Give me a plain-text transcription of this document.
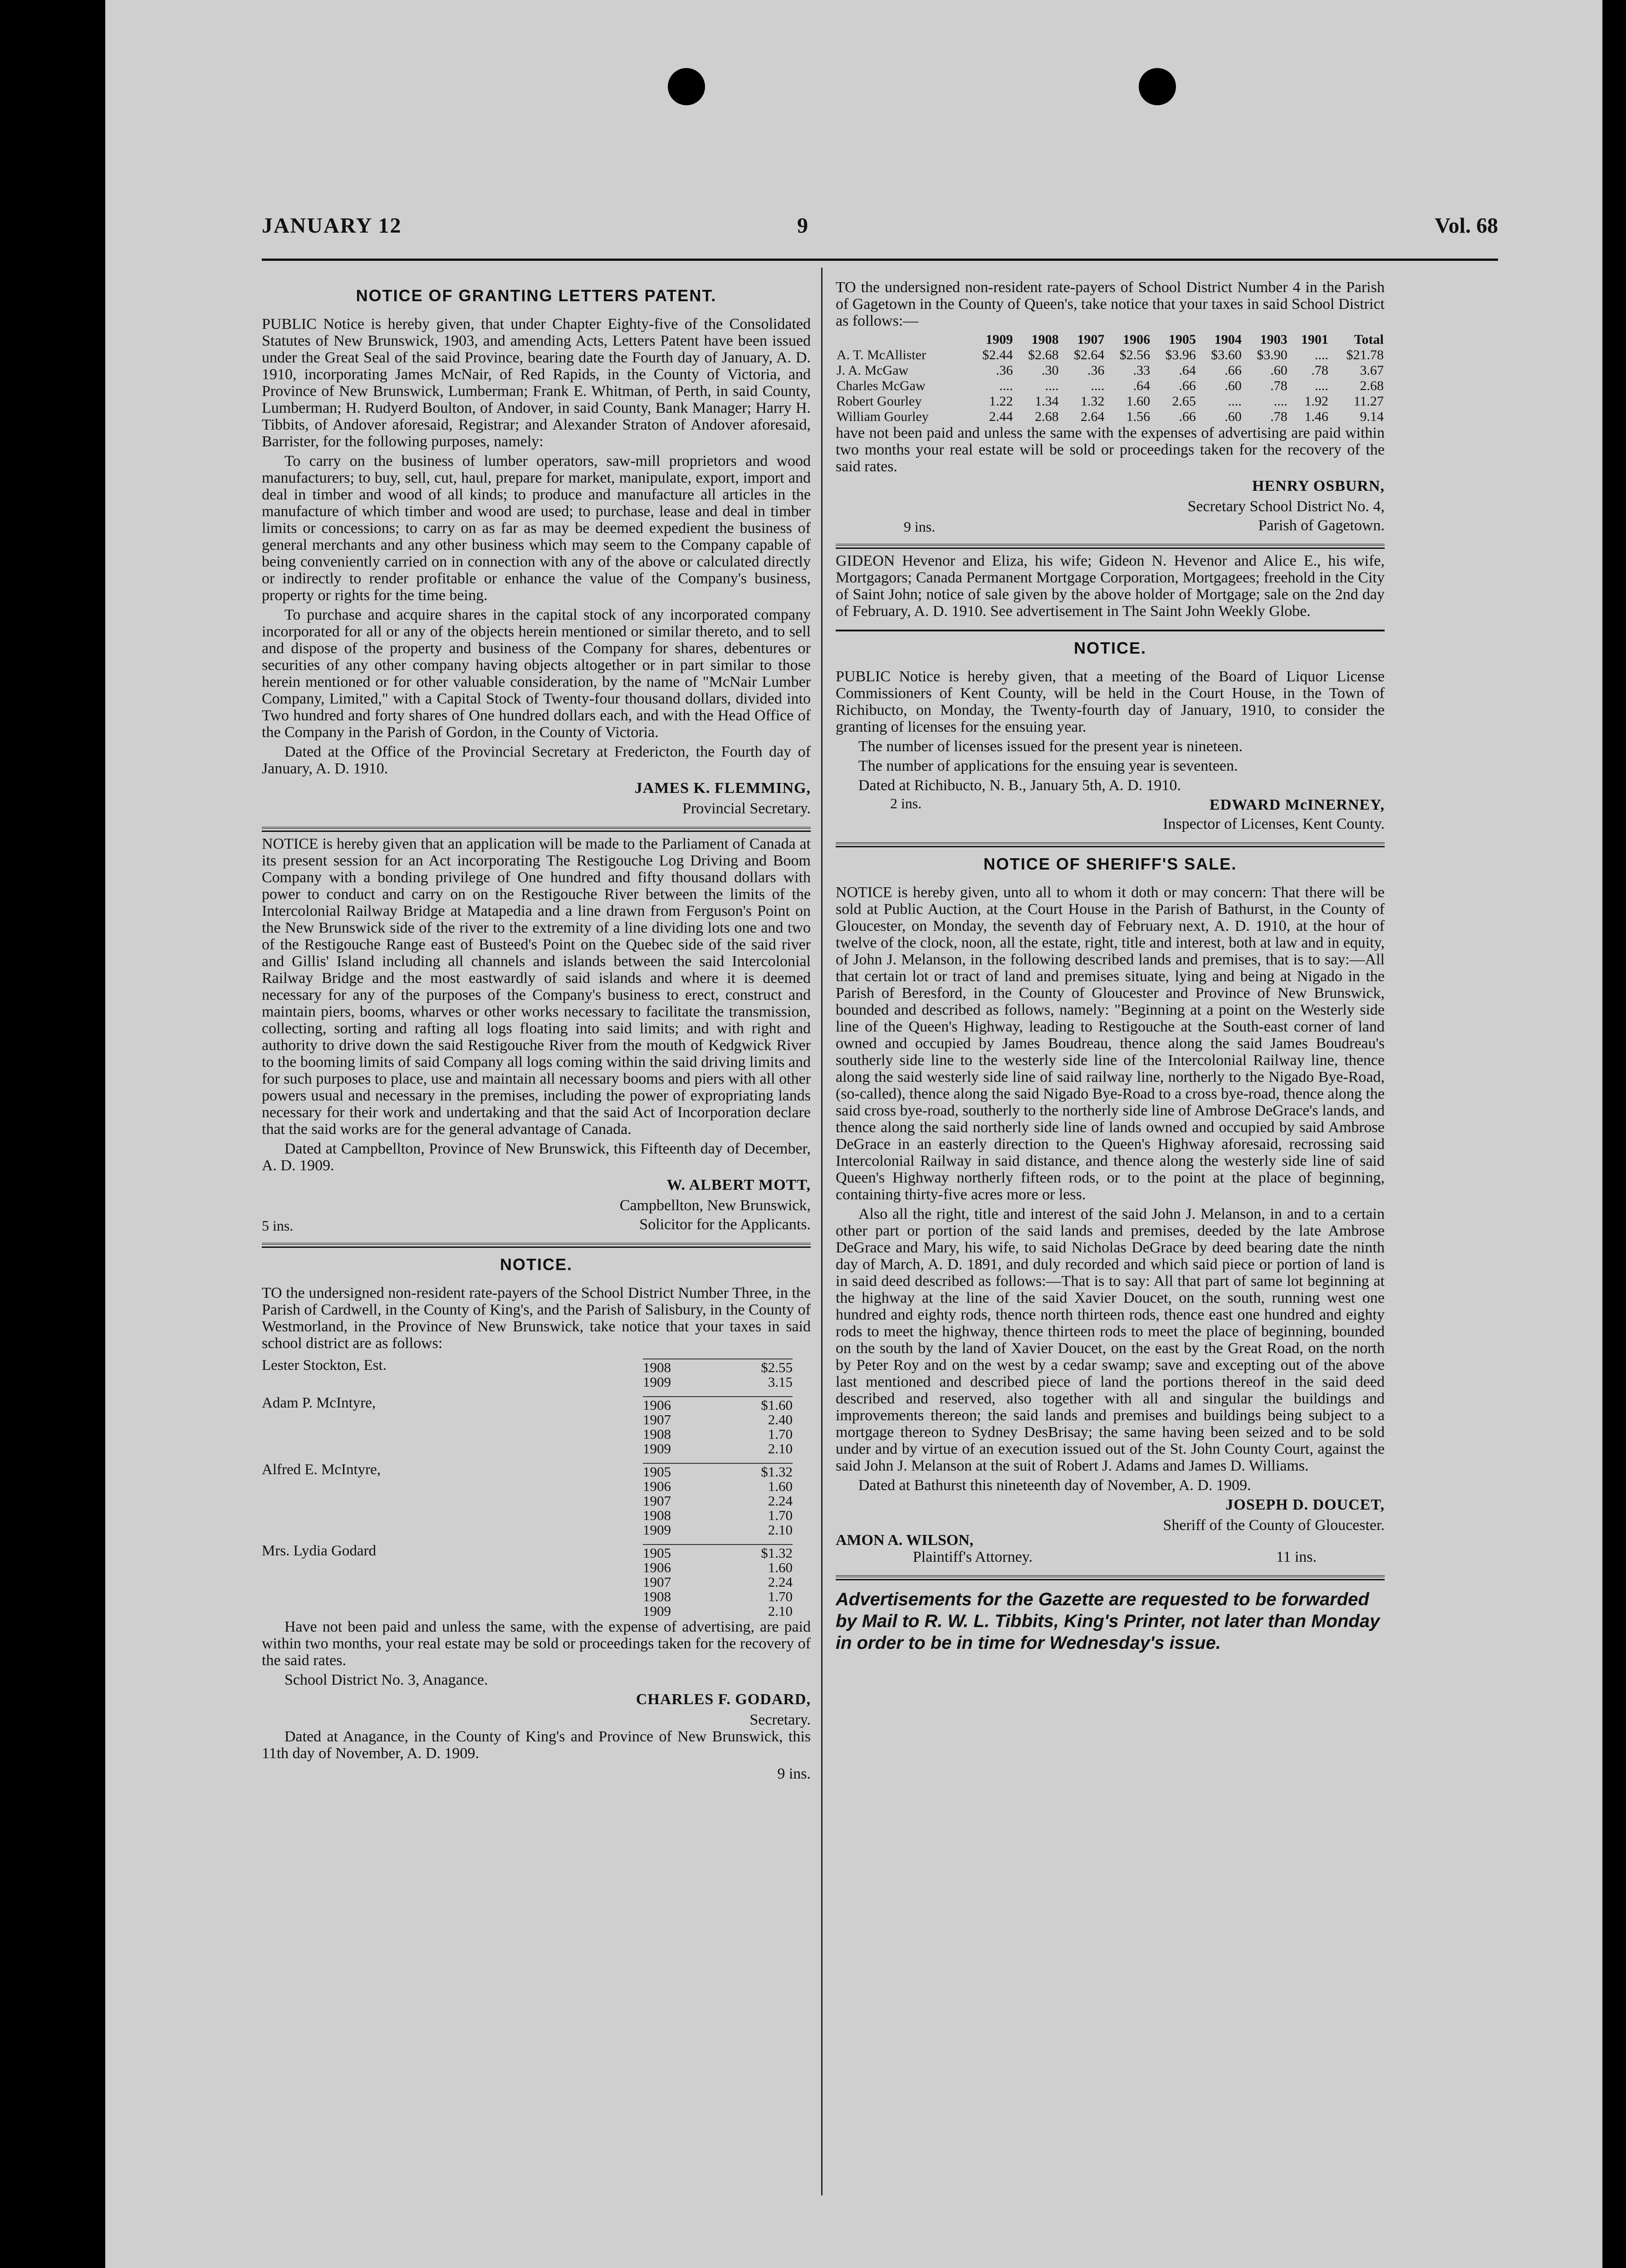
JANUARY 12	9	Vol. 68
NOTICE OF GRANTING LETTERS PATENT.

PUBLIC Notice is hereby given, that under Chapter Eighty-five of the Consolidated Statutes of New Brunswick, 1903, and amending Acts, Letters Patent have been issued under the Great Seal of the said Province, bearing date the Fourth day of January, A. D. 1910, incorporating James McNair, of Red Rapids, in the County of Victoria, and Province of New Brunswick, Lumberman; Frank E. Whitman, of Perth, in said County, Lumberman; H. Rudyerd Boulton, of Andover, in said County, Bank Manager; Harry H. Tibbits, of Andover aforesaid, Registrar; and Alexander Straton of Andover aforesaid, Barrister, for the following purposes, namely:

To carry on the business of lumber operators, saw-mill proprietors and wood manufacturers; to buy, sell, cut, haul, prepare for market, manipulate, export, import and deal in timber and wood of all kinds; to produce and manufacture all articles in the manufacture of which timber and wood are used; to purchase, lease and deal in timber limits or concessions; to carry on as far as may be deemed expedient the business of general merchants and any other business which may seem to the Company capable of being conveniently carried on in connection with any of the above or calculated directly or indirectly to render profitable or enhance the value of the Company's business, property or rights for the time being.

To purchase and acquire shares in the capital stock of any incorporated company incorporated for all or any of the objects herein mentioned or similar thereto, and to sell and dispose of the property and business of the Company for shares, debentures or securities of any other company having objects altogether or in part similar to those herein mentioned or for other valuable consideration, by the name of "McNair Lumber Company, Limited," with a Capital Stock of Twenty-four thousand dollars, divided into Two hundred and forty shares of One hundred dollars each, and with the Head Office of the Company in the Parish of Gordon, in the County of Victoria.

Dated at the Office of the Provincial Secretary at Fredericton, the Fourth day of January, A. D. 1910.

JAMES K. FLEMMING,
Provincial Secretary.

NOTICE is hereby given that an application will be made to the Parliament of Canada at its present session for an Act incorporating The Restigouche Log Driving and Boom Company with a bonding privilege of One hundred and fifty thousand dollars with power to conduct and carry on on the Restigouche River between the limits of the Intercolonial Railway Bridge at Matapedia and a line drawn from Ferguson's Point on the New Brunswick side of the river to the extremity of a line dividing lots one and two of the Restigouche Range east of Busteed's Point on the Quebec side of the said river and Gillis' Island including all channels and islands between the said Intercolonial Railway Bridge and the most eastwardly of said islands and where it is deemed necessary for any of the purposes of the Company's business to erect, construct and maintain piers, booms, wharves or other works necessary to facilitate the transmission, collecting, sorting and rafting all logs floating into said limits; and with right and authority to drive down the said Restigouche River from the mouth of Kedgwick River to the booming limits of said Company all logs coming within the said driving limits and for such purposes to place, use and maintain all necessary booms and piers with all other powers usual and necessary in the premises, including the power of expropriating lands necessary for their work and undertaking and that the said Act of Incorporation declare that the said works are for the general advantage of Canada.

Dated at Campbellton, Province of New Brunswick, this Fifteenth day of December, A. D. 1909.

W. ALBERT MOTT,
Campbellton, New Brunswick,
5 ins.	Solicitor for the Applicants.
NOTICE.

TO the undersigned non-resident rate-payers of the School District Number Three, in the Parish of Cardwell, in the County of King's, and the Parish of Salisbury, in the County of Westmorland, in the Province of New Brunswick, take notice that your taxes in said school district are as follows:

Lester Stockton, Est.	1908	$2.55
1909	3.15
Adam P. McIntyre,	1906	$1.60
1907	2.40
1908	1.70
1909	2.10
Alfred E. McIntyre,	1905	$1.32
1906	1.60
1907	2.24
1908	1.70
1909	2.10
Mrs. Lydia Godard	1905	$1.32
1906	1.60
1907	2.24
1908	1.70
1909	2.10

Have not been paid and unless the same, with the expense of advertising, are paid within two months, your real estate may be sold or proceedings taken for the recovery of the said rates.

School District No. 3, Anagance.

CHARLES F. GODARD,
Secretary.

Dated at Anagance, in the County of King's and Province of New Brunswick, this 11th day of November, A. D. 1909.

9 ins.

TO the undersigned non-resident rate-payers of School District Number 4 in the Parish of Gagetown in the County of Queen's, take notice that your taxes in said School District as follows:—

	1909	1908	1907	1906	1905	1904	1903	1901	Total
A. T. McAllister	$2.44	$2.68	$2.64	$2.56	$3.96	$3.60	$3.90	....	$21.78
J. A. McGaw	.36	.30	.36	.33	.64	.66	.60	.78	3.67
Charles McGaw	....	....	....	.64	.66	.60	.78	....	2.68
Robert Gourley	1.22	1.34	1.32	1.60	2.65	....	....	1.92	11.27
William Gourley	2.44	2.68	2.64	1.56	.66	.60	.78	1.46	9.14

have not been paid and unless the same with the expenses of advertising are paid within two months your real estate will be sold or proceedings taken for the recovery of the said rates.

HENRY OSBURN,
Secretary School District No. 4,
9 ins.	Parish of Gagetown.

GIDEON Hevenor and Eliza, his wife; Gideon N. Hevenor and Alice E., his wife, Mortgagors; Canada Permanent Mortgage Corporation, Mortgagees; freehold in the City of Saint John; notice of sale given by the above holder of Mortgage; sale on the 2nd day of February, A. D. 1910. See advertisement in The Saint John Weekly Globe.

NOTICE.

PUBLIC Notice is hereby given, that a meeting of the Board of Liquor License Commissioners of Kent County, will be held in the Court House, in the Town of Richibucto, on Monday, the Twenty-fourth day of January, 1910, to consider the granting of licenses for the ensuing year.

The number of licenses issued for the present year is nineteen.

The number of applications for the ensuing year is seventeen.

Dated at Richibucto, N. B., January 5th, A. D. 1910.

EDWARD McINERNEY,
2 ins.
Inspector of Licenses, Kent County.
NOTICE OF SHERIFF'S SALE.

NOTICE is hereby given, unto all to whom it doth or may concern: That there will be sold at Public Auction, at the Court House in the Parish of Bathurst, in the County of Gloucester, on Monday, the seventh day of February next, A. D. 1910, at the hour of twelve of the clock, noon, all the estate, right, title and interest, both at law and in equity, of John J. Melanson, in the following described lands and premises, that is to say:—All that certain lot or tract of land and premises situate, lying and being at Nigado in the Parish of Beresford, in the County of Gloucester and Province of New Brunswick, bounded and described as follows, namely: "Beginning at a point on the Westerly side line of the Queen's Highway, leading to Restigouche at the South-east corner of land owned and occupied by James Boudreau, thence along the said James Boudreau's southerly side line to the westerly side line of the Intercolonial Railway line, thence along the said westerly side line of said railway line, northerly to the Nigado Bye-Road, (so-called), thence along the said Nigado Bye-Road to a cross bye-road, thence along the said cross bye-road, southerly to the northerly side line of Ambrose DeGrace's lands, and thence along the said northerly side line of lands owned and occupied by said Ambrose DeGrace in an easterly direction to the Queen's Highway aforesaid, recrossing said Intercolonial Railway in said distance, and thence along the westerly side line of said Queen's Highway northerly fifteen rods, or to the point at the place of beginning, containing thirty-five acres more or less.

Also all the right, title and interest of the said John J. Melanson, in and to a certain other part or portion of the said lands and premises, deeded by the late Ambrose DeGrace and Mary, his wife, to said Nicholas DeGrace by deed bearing date the ninth day of March, A. D. 1891, and duly recorded and which said piece or portion of land is in said deed described as follows:—That is to say: All that part of same lot beginning at the highway at the line of the said Xavier Doucet, on the south, running west one hundred and eighty rods, thence north thirteen rods, thence east one hundred and eighty rods to meet the highway, thence thirteen rods to meet the place of beginning, bounded on the south by the land of Xavier Doucet, on the east by the Great Road, on the north by Peter Roy and on the west by a cedar swamp; save and excepting out of the above last mentioned and described piece of land the portions thereof in the said deed described and reserved, also together with all and singular the buildings and improvements thereon; the said lands and premises and buildings being subject to a mortgage thereon to Sydney DesBrisay; the same having been seized and to be sold under and by virtue of an execution issued out of the St. John County Court, against the said John J. Melanson at the suit of Robert J. Adams and James D. Williams.

Dated at Bathurst this nineteenth day of November, A. D. 1909.

JOSEPH D. DOUCET,
Sheriff of the County of Gloucester.
AMON A. WILSON,
Plaintiff's Attorney.	11 ins.
Advertisements for the Gazette are requested to be forwarded by Mail to R. W. L. Tibbits, King's Printer, not later than Monday in order to be in time for Wednesday's issue.
